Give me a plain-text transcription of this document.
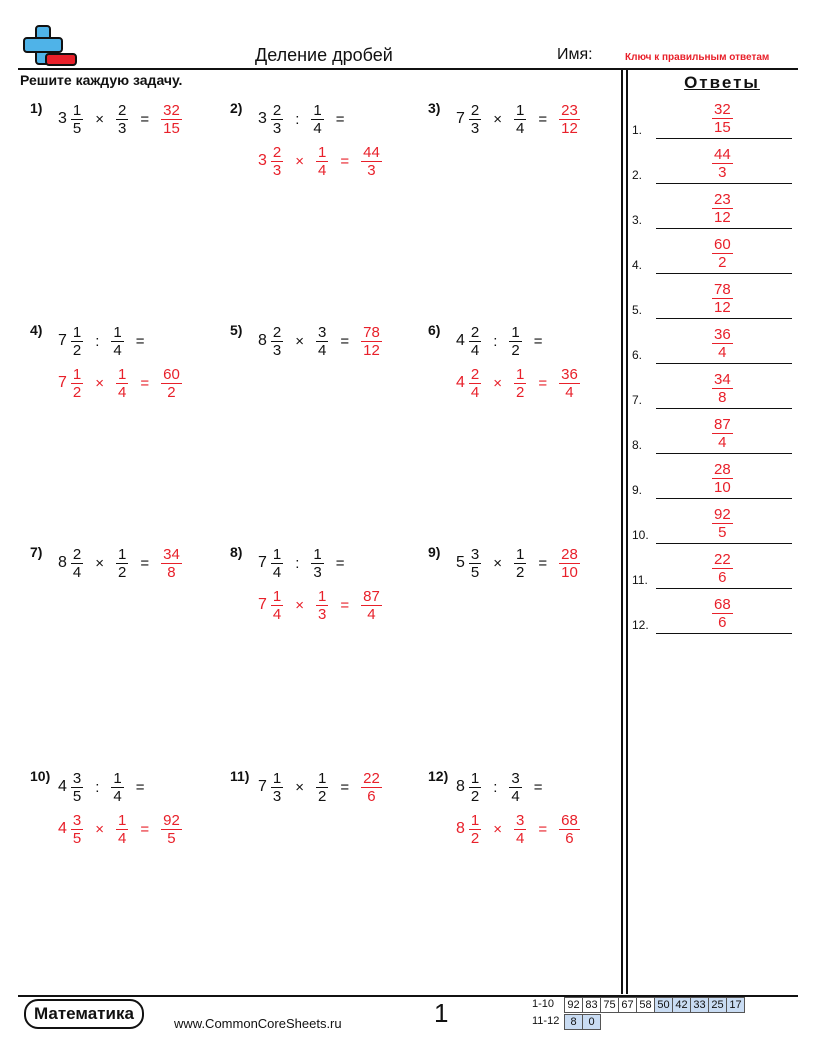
Деление дробей	Имя:	Ключ к правильным ответам
Решите каждую задачу.
1)
$3 \frac{1}{5} \times \frac{2}{3} = \frac{32}{15}$	2)
$3 \frac{2}{3}$ : $\frac{1}{4}$ =
$3 \frac{2}{3} \times \frac{1}{4} = \frac{44}{3}$
3)
$7 \frac{2}{3} \times \frac{1}{4} = \frac{23}{12}$
4)
$7 \frac{1}{2}$ : $\frac{1}{4}$ =
$7 \frac{1}{2} \times \frac{1}{4} = \frac{60}{2}$
5)
$8 \frac{2}{3} \times \frac{3}{4} = \frac{78}{12}$	6)
$4 \frac{2}{4}$ : $\frac{1}{2}$ =
$4 \frac{2}{4} \times \frac{1}{2} = \frac{36}{4}$
7)
$8 \frac{2}{4} \times \frac{1}{2} = \frac{34}{8}$	8)
$7 \frac{1}{4}$ : $\frac{1}{3}$ =
$7 \frac{1}{4} \times \frac{1}{3} = \frac{87}{4}$
9)
$5 \frac{3}{5} \times \frac{1}{2} = \frac{28}{10}$
10)
$4 \frac{3}{5}$ : $\frac{1}{4}$ =
$4 \frac{3}{5} \times \frac{1}{4} = \frac{92}{5}$
11)
$7 \frac{1}{3} \times \frac{1}{2} = \frac{22}{6}$	12)
$8 \frac{1}{2}$ : $\frac{3}{4}$ =
$8 \frac{1}{2} \times \frac{3}{4} = \frac{68}{6}$
Ответы
1.	$\frac{32}{15}$
2.	$\frac{44}{3}$
3.	$\frac{23}{12}$
4.	$\frac{60}{2}$
5.	$\frac{78}{12}$
6.	$\frac{36}{4}$
7.	$\frac{34}{8}$
8.	$\frac{87}{4}$
9.	$\frac{28}{10}$
10.	$\frac{92}{5}$
11.	$\frac{22}{6}$
12.	$\frac{68}{6}$
Математика
www.CommonCoreSheets.ru	1	1-10 92	83	75	67	58	50	42	33	25	17
11-12 8	0
